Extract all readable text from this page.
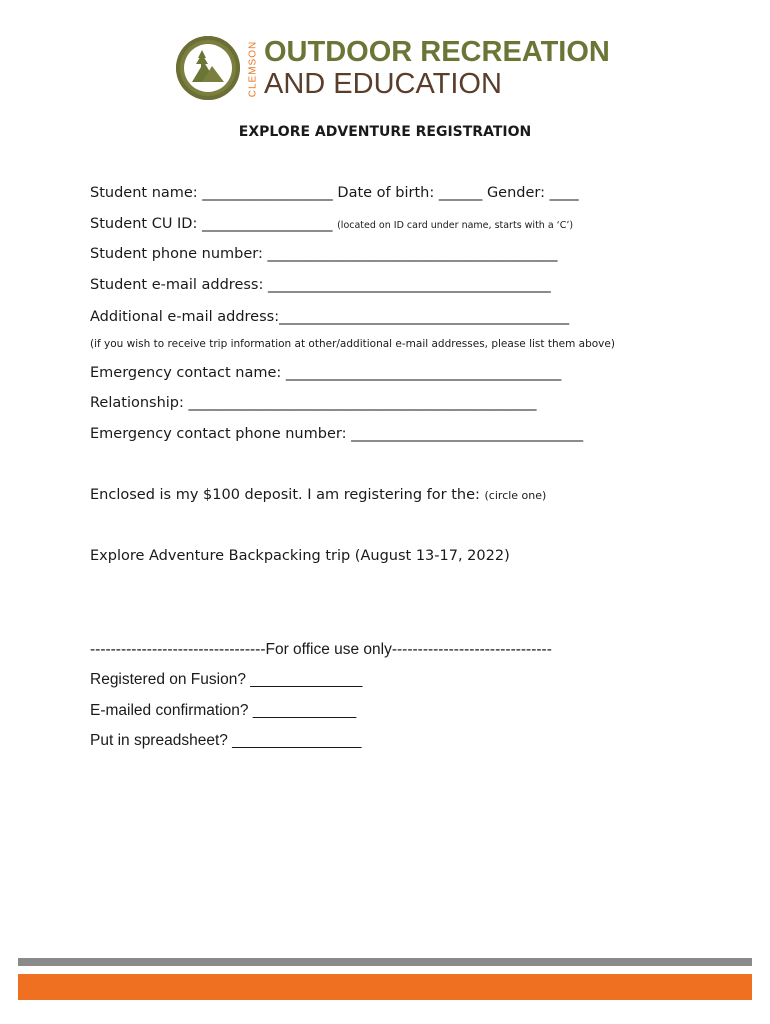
CLEMSON OUTDOOR RECREATION
AND EDUCATION
EXPLORE ADVENTURE REGISTRATION
Student name: __________________ Date of birth: ______ Gender: ____
Student CU ID: __________________ (located on ID card under name, starts with a ‘C’)
Student phone number: ________________________________________
Student e-mail address: _______________________________________
Additional e-mail address:________________________________________
(if you wish to receive trip information at other/additional e-mail addresses, please list them above)
Emergency contact name: ______________________________________
Relationship: ________________________________________________
Emergency contact phone number: ________________________________
Enclosed is my $100 deposit. I am registering for the: (circle one)
Explore Adventure Backpacking trip (August 13-17, 2022)
----------------------------------For office use only-------------------------------
Registered on Fusion? _____________
E-mailed confirmation? ____________
Put in spreadsheet? _______________
